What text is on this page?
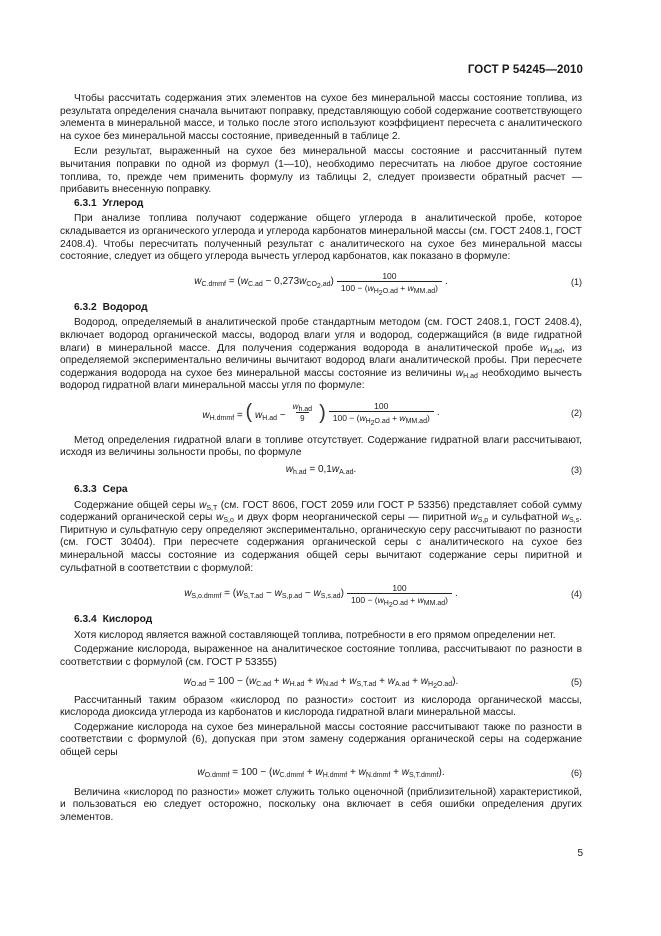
ГОСТ Р 54245—2010

Чтобы рассчитать содержания этих элементов на сухое без минеральной массы состояние топлива, из результата определения сначала вычитают поправку, представляющую собой содержание соответствующего элемента в минеральной массе, и только после этого используют коэффициент пересчета с аналитического на сухое без минеральной массы состояние, приведенный в таблице 2.

Если результат, выраженный на сухое без минеральной массы состояние и рассчитанный путем вычитания поправки по одной из формул (1—10), необходимо пересчитать на любое другое состояние топлива, то, прежде чем применить формулу из таблицы 2, следует произвести обратный расчет — прибавить внесенную поправку.

6.3.1 Углерод

При анализе топлива получают содержание общего углерода в аналитической пробе, которое складывается из органического углерода и углерода карбонатов минеральной массы (см. ГОСТ 2408.1, ГОСТ 2408.4). Чтобы пересчитать полученный результат с аналитического на сухое без минеральной массы состояние, следует из общего углерода вычесть углерод карбонатов, как показано в формуле:

$w_{C.dmmf} = (w_{C.ad} - 0,273w_{CO_2,ad}) \frac{100}{100 - (w_{H_2O.ad} + w_{MM.ad})}$ .	(1)
6.3.2 Водород

Водород, определяемый в аналитической пробе стандартным методом (см. ГОСТ 2408.1, ГОСТ 2408.4), включает водород органической массы, водород влаги угля и водород, содержащийся (в виде гидратной влаги) в минеральной массе. Для получения содержания водорода в аналитической пробе $w_{H.ad}$, из определяемой экспериментально величины вычитают водород влаги аналитической пробы. При пересчете содержания водорода на сухое без минеральной массы состояние из величины $w_{H.ad}$ необходимо вычесть водород гидратной влаги минеральной массы угля по формуле:

$w_{H.dmmf}$ = ( $w_{H.ad} - \frac{w_{h.ad}}{9}$ ) $\frac{100}{100 - (w_{H_2O.ad} + w_{MM.ad})}$ .	(2)

Метод определения гидратной влаги в топливе отсутствует. Содержание гидратной влаги рассчитывают, исходя из величины зольности пробы, по формуле

$w_{h.ad} = 0,1w_{A.ad}$.	(3)
6.3.3 Сера

Содержание общей серы $w_{S,T}$ (см. ГОСТ 8606, ГОСТ 2059 или ГОСТ Р 53356) представляет собой сумму содержаний органической серы $w_{S,o}$ и двух форм неорганической серы — пиритной $w_{S,p}$ и сульфатной $w_{S,s}$. Пиритную и сульфатную серу определяют экспериментально, органическую серу рассчитывают по разности (см. ГОСТ 30404). При пересчете содержания органической серы с аналитического на сухое без минеральной массы состояние из содержания общей серы вычитают содержание серы пиритной и сульфатной в соответствии с формулой:

$w_{S,o.dmmf} = (w_{S,T.ad} - w_{S,p.ad} - w_{S,s.ad}) \frac{100}{100 - (w_{H_2O.ad} + w_{MM.ad})}$ .	(4)
6.3.4 Кислород

Хотя кислород является важной составляющей топлива, потребности в его прямом определении нет.

Содержание кислорода, выраженное на аналитическое состояние топлива, рассчитывают по разности в соответствии с формулой (см. ГОСТ Р 53355)

$w_{O.ad} = 100 - (w_{C.ad} + w_{H.ad} + w_{N.ad} + w_{S,T.ad} + w_{A.ad} + w_{H_2O.ad})$.	(5)

Рассчитанный таким образом «кислород по разности» состоит из кислорода органической массы, кислорода диоксида углерода из карбонатов и кислорода гидратной влаги минеральной массы.

Содержание кислорода на сухое без минеральной массы состояние рассчитывают также по разности в соответствии с формулой (6), допуская при этом замену содержания органической серы на содержание общей серы

$w_{O.dmmf} = 100 - (w_{C.dmmf} + w_{H.dmmf} + w_{N.dmmf} + w_{S,T.dmmf})$.	(6)

Величина «кислород по разности» может служить только оценочной (приблизительной) характеристикой, и пользоваться ею следует осторожно, поскольку она включает в себя ошибки определения других элементов.

5
